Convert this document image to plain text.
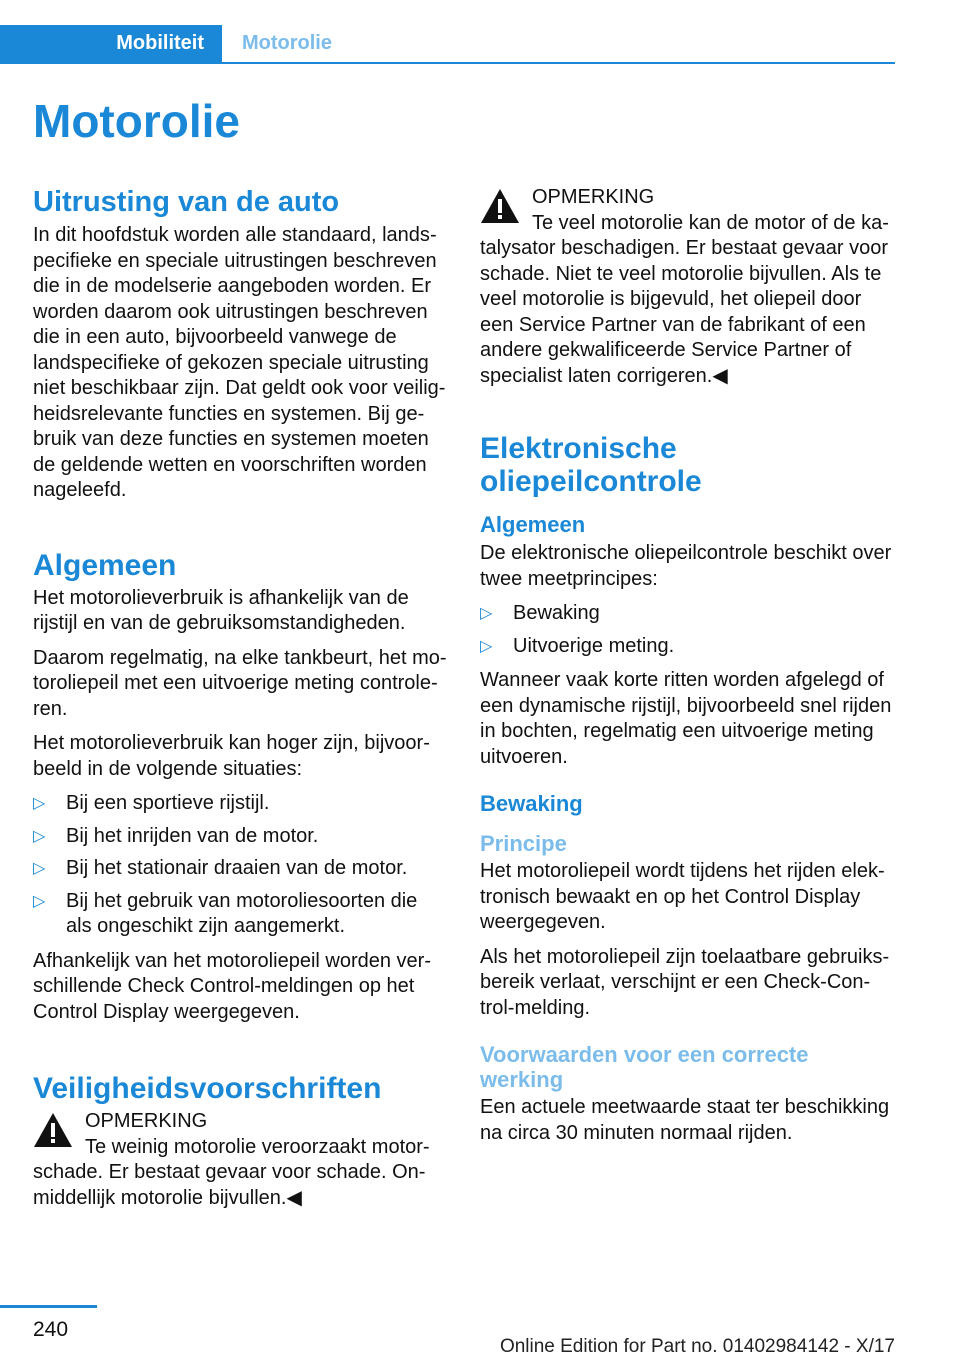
Mobiliteit	Motorolie
Motorolie
Uitrusting van de auto

In dit hoofdstuk worden alle standaard, landspecifieke en speciale uitrustingen beschreven die in de modelserie aangeboden worden. Er worden daarom ook uitrustingen beschreven die in een auto, bijvoorbeeld vanwege de landspecifieke of gekozen speciale uitrusting niet beschikbaar zijn. Dat geldt ook voor veiligheidsrelevante functies en systemen. Bij gebruik van deze functies en systemen moeten de geldende wetten en voorschriften worden nageleefd.

Algemeen

Het motorolieverbruik is afhankelijk van de rijstijl en van de gebruiksomstandigheden.

Daarom regelmatig, na elke tankbeurt, het motoroliepeil met een uitvoerige meting controleren.

Het motorolieverbruik kan hoger zijn, bijvoorbeeld in de volgende situaties:

▷ Bij een sportieve rijstijl.
▷ Bij het inrijden van de motor.
▷ Bij het stationair draaien van de motor.
▷ Bij het gebruik van motoroliesoorten die als ongeschikt zijn aangemerkt.

Afhankelijk van het motoroliepeil worden verschillende Check Control-meldingen op het Control Display weergegeven.

Veiligheidsvoorschriften

OPMERKING

Te weinig motorolie veroorzaakt motorschade. Er bestaat gevaar voor schade. Onmiddellijk motorolie bijvullen.◀

OPMERKING

Te veel motorolie kan de motor of de katalysator beschadigen. Er bestaat gevaar voor schade. Niet te veel motorolie bijvullen. Als te veel motorolie is bijgevuld, het oliepeil door een Service Partner van de fabrikant of een andere gekwalificeerde Service Partner of specialist laten corrigeren.◀

Elektronische oliepeilcontrole
Algemeen

De elektronische oliepeilcontrole beschikt over twee meetprincipes:

▷ Bewaking
▷ Uitvoerige meting.

Wanneer vaak korte ritten worden afgelegd of een dynamische rijstijl, bijvoorbeeld snel rijden in bochten, regelmatig een uitvoerige meting uitvoeren.

Bewaking
Principe

Het motoroliepeil wordt tijdens het rijden elektronisch bewaakt en op het Control Display weergegeven.

Als het motoroliepeil zijn toelaatbare gebruiksbereik verlaat, verschijnt er een Check-Control-melding.

Voorwaarden voor een correcte werking

Een actuele meetwaarde staat ter beschikking na circa 30 minuten normaal rijden.

240
Online Edition for Part no. 01402984142 - X/17
